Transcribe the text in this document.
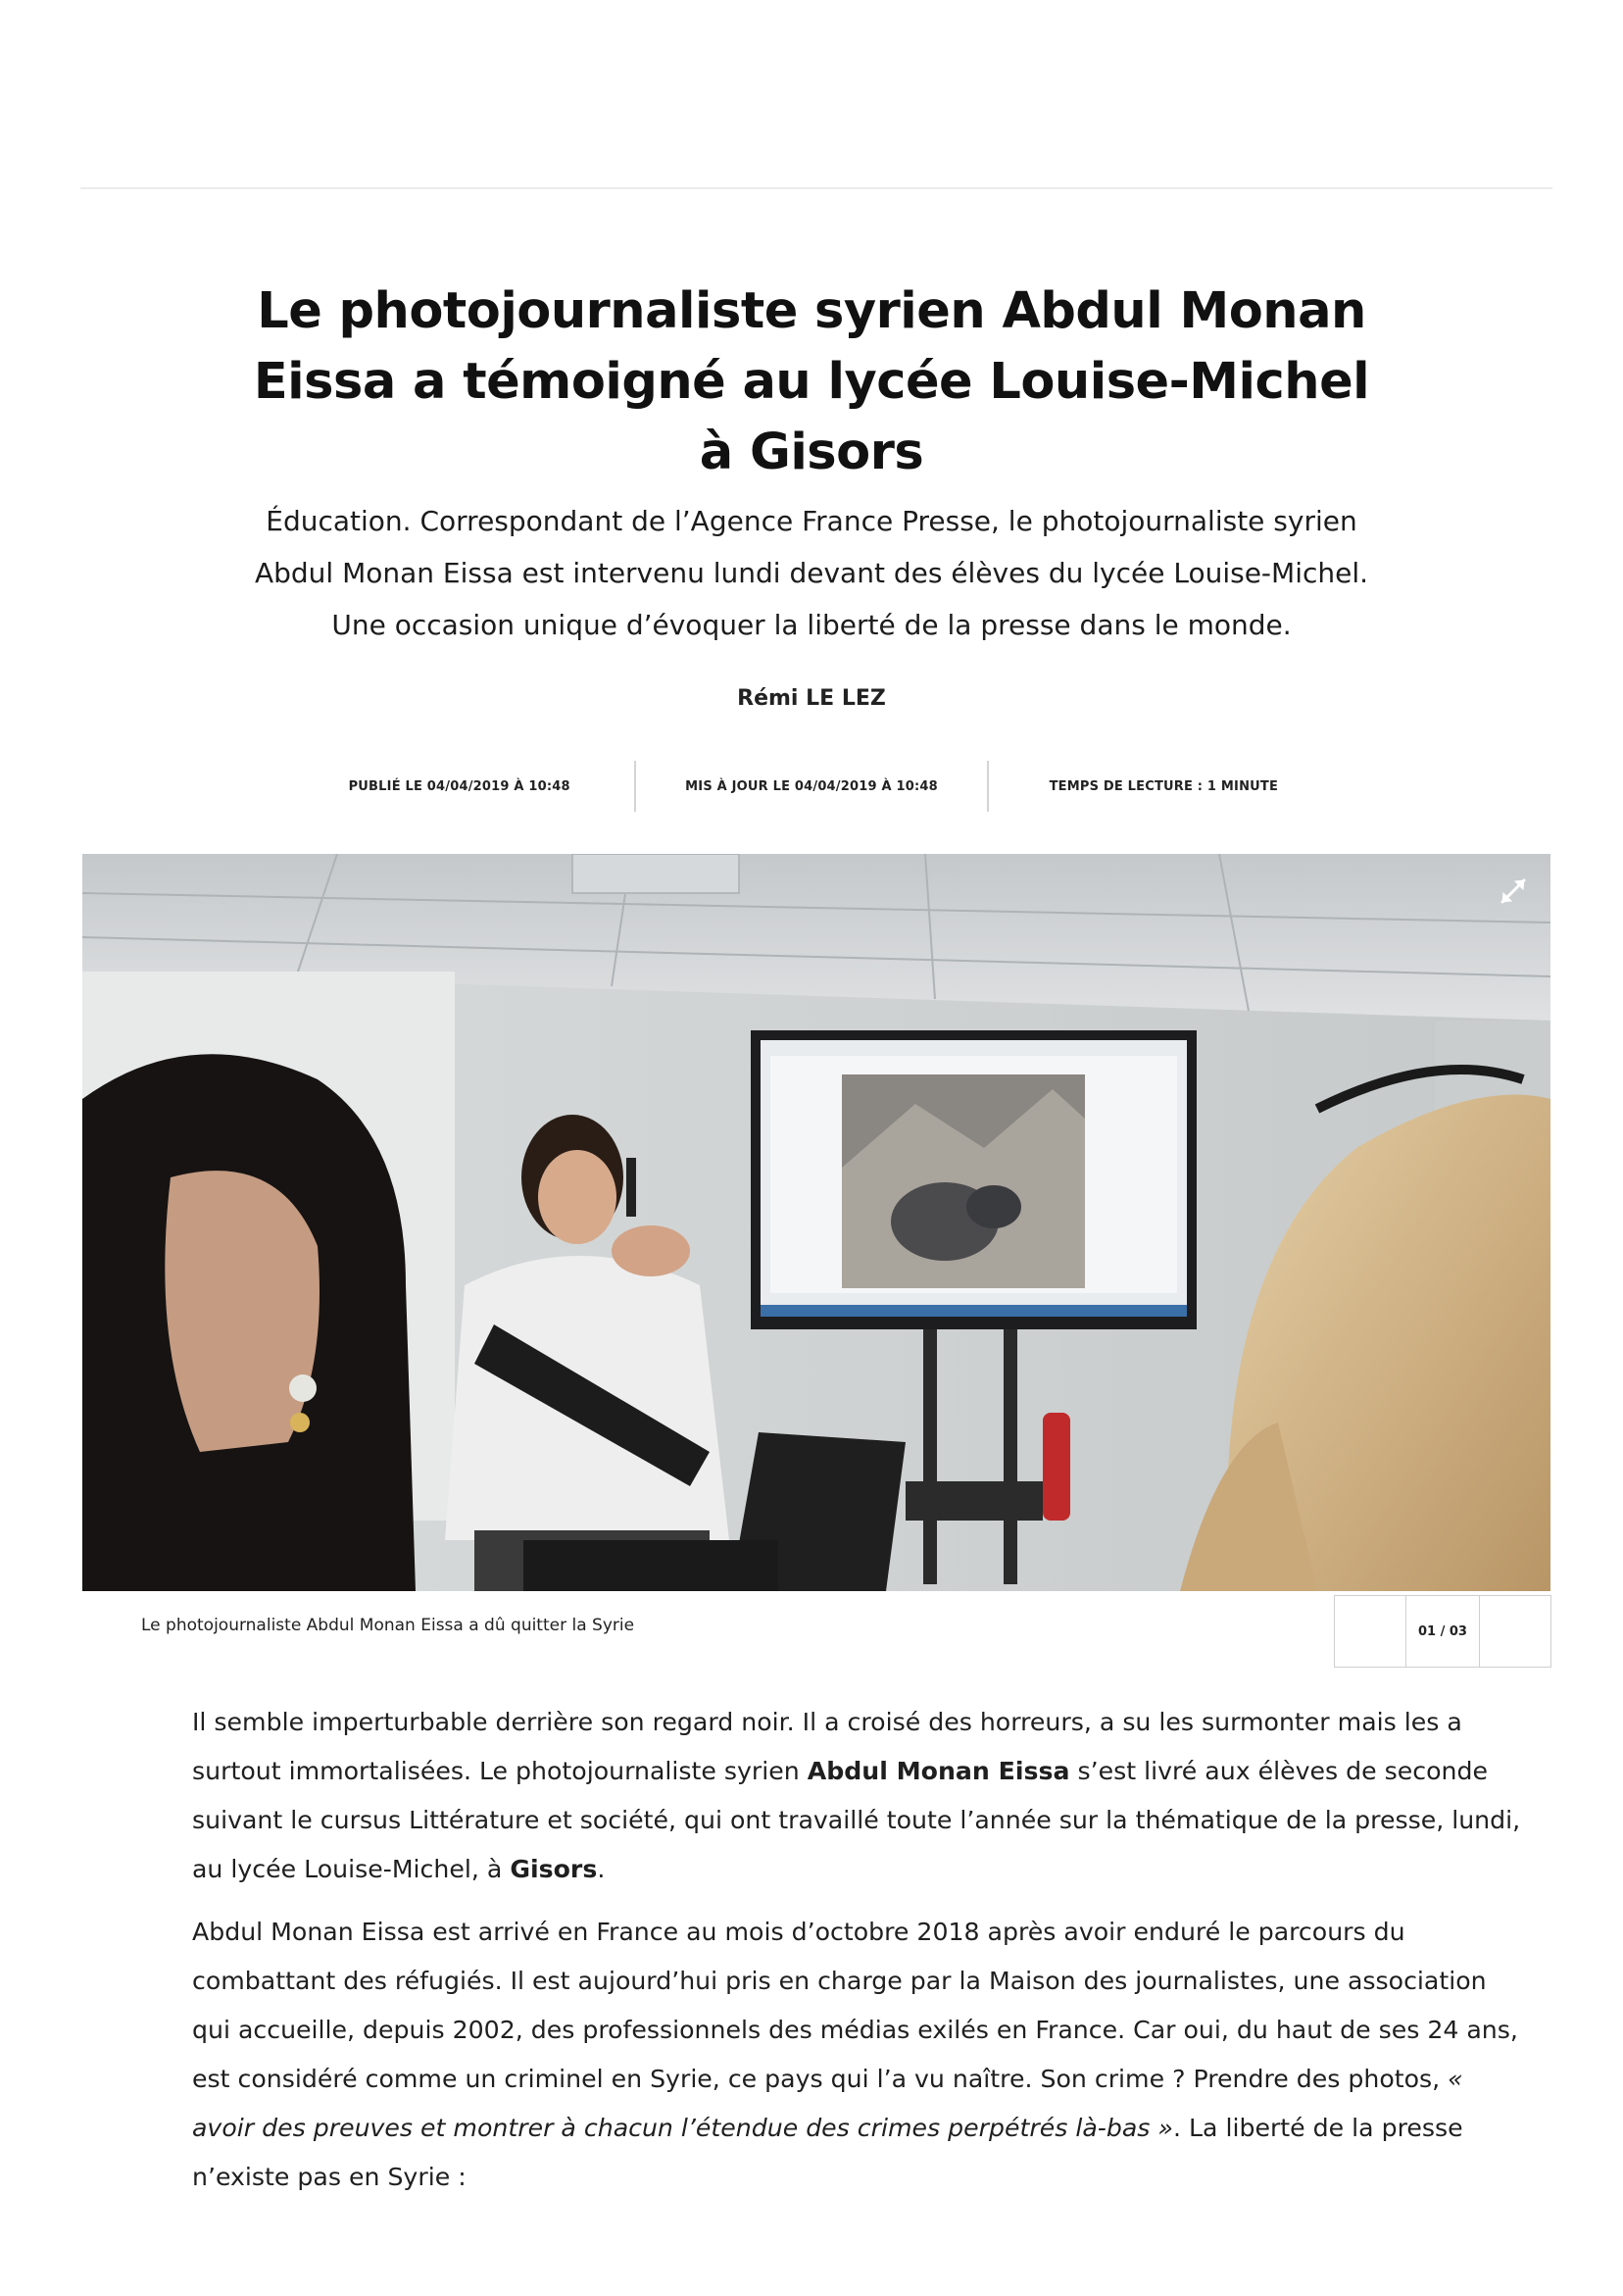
Le photojournaliste syrien Abdul Monan Eissa a témoigné au lycée Louise-Michel à Gisors

Éducation. Correspondant de l’Agence France Presse, le photojournaliste syrien Abdul Monan Eissa est intervenu lundi devant des élèves du lycée Louise-Michel. Une occasion unique d’évoquer la liberté de la presse dans le monde.

Rémi LE LEZ
PUBLIÉ LE 04/04/2019 À 10:48	MIS À JOUR LE 04/04/2019 À 10:48	TEMPS DE LECTURE : 1 MINUTE
Le photojournaliste Abdul Monan Eissa a dû quitter la Syrie	01 / 03

Il semble imperturbable derrière son regard noir. Il a croisé des horreurs, a su les surmonter mais les a surtout immortalisées. Le photojournaliste syrien Abdul Monan Eissa s’est livré aux élèves de seconde suivant le cursus Littérature et société, qui ont travaillé toute l’année sur la thématique de la presse, lundi, au lycée Louise-Michel, à Gisors.

Abdul Monan Eissa est arrivé en France au mois d’octobre 2018 après avoir enduré le parcours du combattant des réfugiés. Il est aujourd’hui pris en charge par la Maison des journalistes, une association qui accueille, depuis 2002, des professionnels des médias exilés en France. Car oui, du haut de ses 24 ans, est considéré comme un criminel en Syrie, ce pays qui l’a vu naître. Son crime ? Prendre des photos, « avoir des preuves et montrer à chacun l’étendue des crimes perpétrés là-bas ». La liberté de la presse n’existe pas en Syrie :
